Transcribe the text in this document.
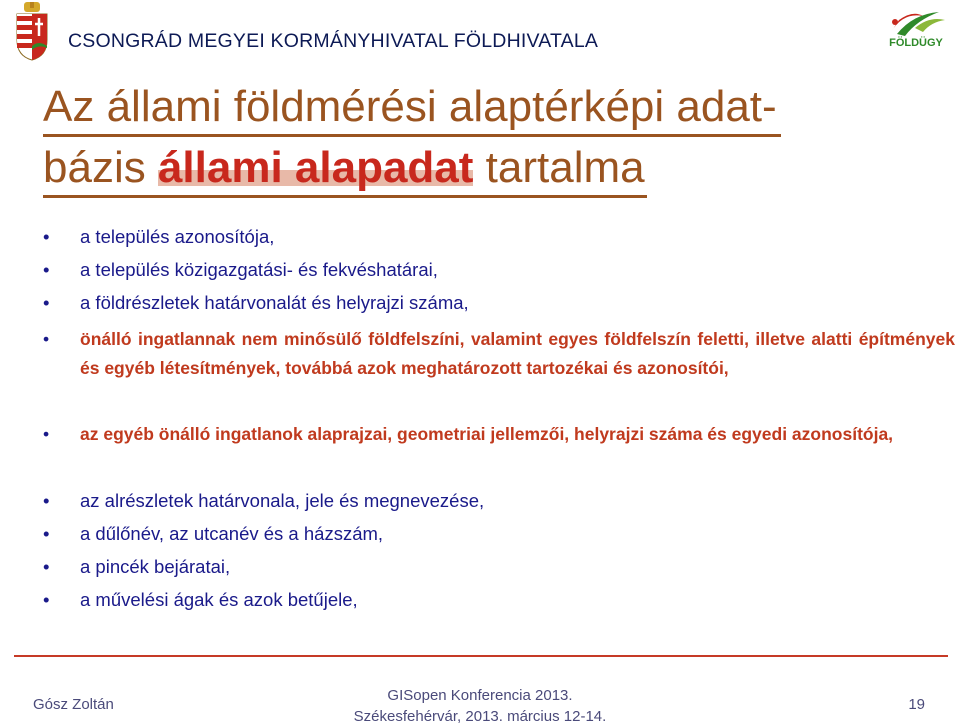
CSONGRÁD MEGYEI KORMÁNYHIVATAL FÖLDHIVATALA	FÖLDÜGY
Az állami földmérési alaptérképi adat- bázis állami alapadat tartalma
• a település azonosítója,
• a település közigazgatási- és fekvéshatárai,
• a földrészletek határvonalát és helyrajzi száma,
• önálló ingatlannak nem minősülő földfelszíni, valamint egyes földfelszín feletti, illetve alatti építmények és egyéb létesítmények, továbbá azok meghatározott tartozékai és azonosítói,
• az egyéb önálló ingatlanok alaprajzai, geometriai jellemzői, helyrajzi száma és egyedi azonosítója,
• az alrészletek határvonala, jele és megnevezése,
• a dűlőnév, az utcanév és a házszám,
• a pincék bejáratai,
• a művelési ágak és azok betűjele,
Gósz Zoltán
GISopen Konferencia 2013.
Székesfehérvár, 2013. március 12-14.
19
